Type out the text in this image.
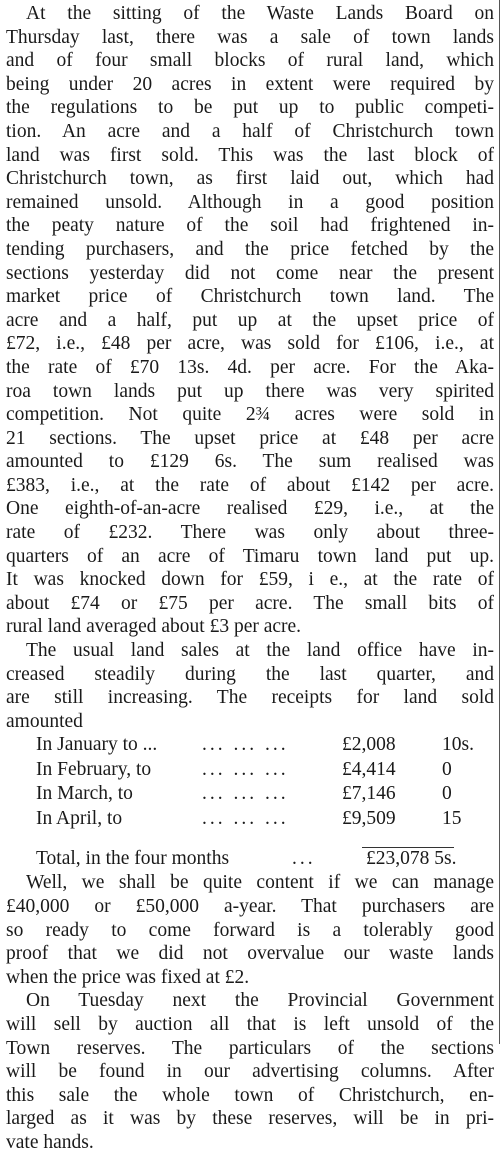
At the sitting of the Waste Lands Board on
Thursday last, there was a sale of town lands
and of four small blocks of rural land, which
being under 20 acres in extent were required by
the regulations to be put up to public competi-
tion. An acre and a half of Christchurch town
land was first sold. This was the last block of
Christchurch town, as first laid out, which had
remained unsold. Although in a good position
the peaty nature of the soil had frightened in-
tending purchasers, and the price fetched by the
sections yesterday did not come near the present
market price of Christchurch town land. The
acre and a half, put up at the upset price of
£72, i.e., £48 per acre, was sold for £106, i.e., at
the rate of £70 13s. 4d. per acre. For the Aka-
roa town lands put up there was very spirited
competition. Not quite 2¾ acres were sold in
21 sections. The upset price at £48 per acre
amounted to £129 6s. The sum realised was
£383, i.e., at the rate of about £142 per acre.
One eighth-of-an-acre realised £29, i.e., at the
rate of £232. There was only about three-
quarters of an acre of Timaru town land put up.
It was knocked down for £59, i e., at the rate of
about £74 or £75 per acre. The small bits of
rural land averaged about £3 per acre.
The usual land sales at the land office have in-
creased steadily during the last quarter, and
are still increasing. The receipts for land sold
amounted
In January to ... ... ... ...	£2,008 10s.
In February, to	... ... ...	£4,414 0
In March, to	... ... ...	£7,146 0
In April, to	... ... ...	£9,509 15
Total, in the four months	...	£23,078 5s.
Well, we shall be quite content if we can manage
£40,000 or £50,000 a-year. That purchasers are
so ready to come forward is a tolerably good
proof that we did not overvalue our waste lands
when the price was fixed at £2.
On Tuesday next the Provincial Government
will sell by auction all that is left unsold of the
Town reserves. The particulars of the sections
will be found in our advertising columns. After
this sale the whole town of Christchurch, en-
larged as it was by these reserves, will be in pri-
vate hands.
